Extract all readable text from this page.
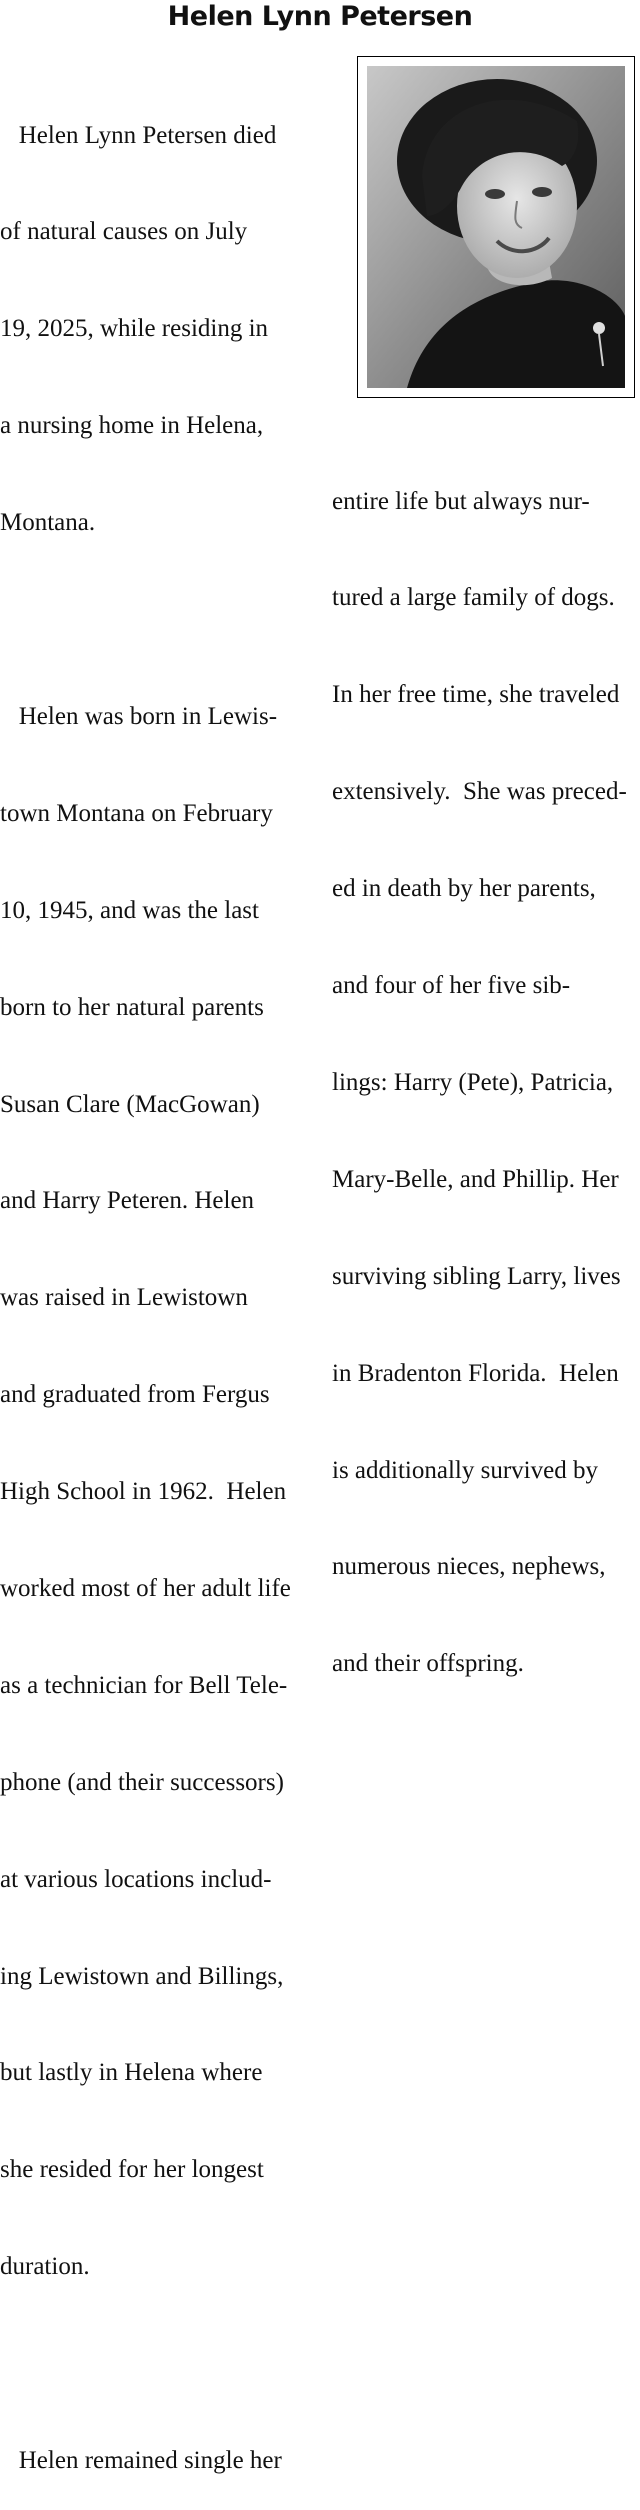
Helen Lynn Petersen

Helen Lynn Petersen died

of natural causes on July

19, 2025, while residing in

a nursing home in Helena,

Montana.

Helen was born in Lewis-

town Montana on February

10, 1945, and was the last

born to her natural parents

Susan Clare (MacGowan)

and Harry Peteren. Helen

was raised in Lewistown

and graduated from Fergus

High School in 1962.  Helen

worked most of her adult life

as a technician for Bell Tele-

phone (and their successors)

at various locations includ-

ing Lewistown and Billings,

but lastly in Helena where

she resided for her longest

duration.

Helen remained single her

entire life but always nur-

tured a large family of dogs.

In her free time, she traveled

extensively.  She was preced-

ed in death by her parents,

and four of her five sib-

lings: Harry (Pete), Patricia,

Mary-Belle, and Phillip. Her

surviving sibling Larry, lives

in Bradenton Florida.  Helen

is additionally survived by

numerous nieces, nephews,

and their offspring.
